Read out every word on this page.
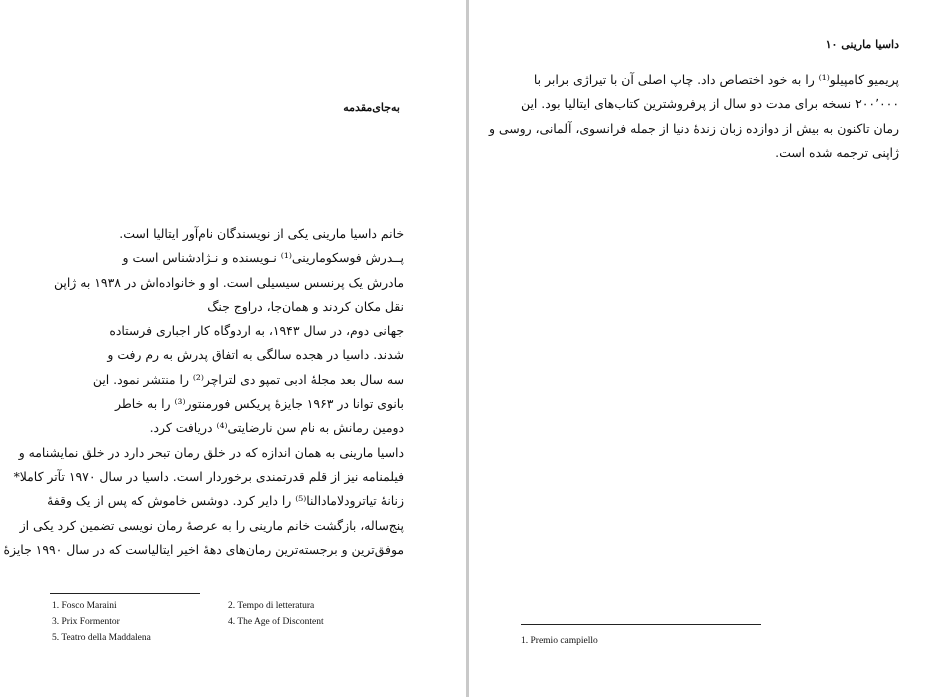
به‌جای‌مقدمه

خانم داسیا مارینی یکی از نویسندگان نام‌آور ایتالیا است.

پــدرش فوسکو‌مارینی⁽¹⁾ نـویسنده و نـژادشناس است و

مادرش یک پرنسس سیسیلی است. او و خانواده‌اش در ۱۹۳۸ به ژاپن نقل مکان کردند و همان‌جا، دراوج جنگ

جهانی دوم، در سال ۱۹۴۳، به اردوگاه کار اجباری فرستاده

شدند. داسیا در هجده سالگی به اتفاق پدرش به رم رفت و

سه سال بعد مجلهٔ ادبی تمپو دی لتراچر⁽²⁾ را منتشر نمود. این

بانوی توانا در ۱۹۶۳ جایزهٔ پریکس فورمنتور⁽³⁾ را به خاطر

دومین رمانش به نام سن نارضایتی⁽⁴⁾ دریافت کرد.

داسیا مارینی به همان اندازه که در خلق رمان تبحر دارد در خلق نمایشنامه و

فیلمنامه نیز از قلم قدرتمندی برخوردار است. داسیا در سال ۱۹۷۰ تآتر کاملا*

زنانهٔ تیاترودلامادالنا⁽⁵⁾ را دایر کرد. دوشس خاموش که پس از یک وقفهٔ

پنج‌ساله، بازگشت خانم مارینی را به عرصهٔ رمان نویسی تضمین کرد یکی از

موفق‌ترین و برجسته‌ترین رمان‌های دههٔ اخیر ایتالیاست که در سال ۱۹۹۰ جایزهٔ

1. Fosco Maraini	2. Tempo di letteratura
3. Prix Formentor	4. The Age of Discontent
5. Teatro della Maddalena
داسیا مارینی ۱۰

پریمیو کامپیلو⁽¹⁾ را به خود اختصاص داد. چاپ اصلی آن با تیراژی برابر با

۲۰۰٬۰۰۰ نسخه برای مدت دو سال از پرفروشترین کتاب‌های ایتالیا بود. این

رمان تاکنون به بیش از دوازده زبان زندهٔ دنیا از جمله فرانسوی، آلمانی، روسی و

ژاپنی ترجمه شده است.

1. Premio campiello
